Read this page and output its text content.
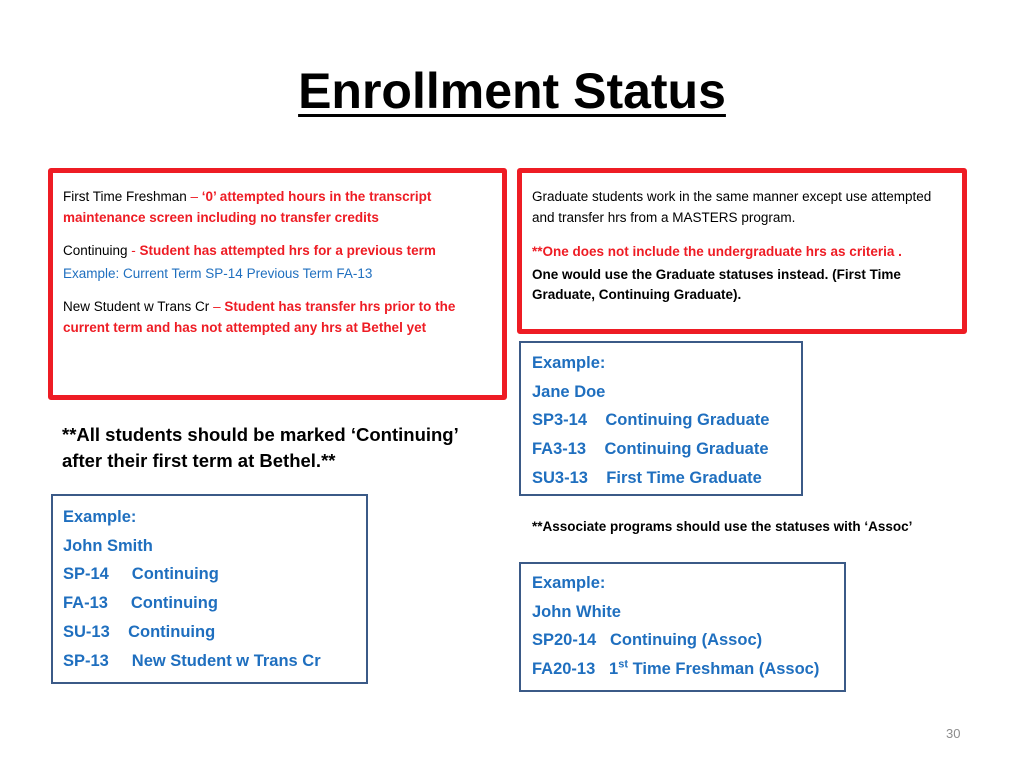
Enrollment Status
First Time Freshman – ‘0’ attempted hours in the transcript maintenance screen including no transfer credits
Continuing - Student has attempted hrs for a previous term
Example: Current Term SP-14 Previous Term FA-13
New Student w Trans Cr – Student has transfer hrs prior to the current term and has not attempted any hrs at Bethel yet
Graduate students work in the same manner except use attempted and transfer hrs from a MASTERS program.
**One does not include the undergraduate hrs as criteria .
One would use the Graduate statuses instead. (First Time Graduate, Continuing Graduate).
**All students should be marked ‘Continuing’ after their first term at Bethel.**
Example:
Jane Doe
SP3-14    Continuing Graduate
FA3-13    Continuing Graduate
SU3-13    First Time Graduate
**Associate programs should use the statuses with ‘Assoc’
Example:
John Smith
SP-14     Continuing
FA-13     Continuing
SU-13    Continuing
SP-13     New Student w Trans Cr
Example:
John White
SP20-14   Continuing (Assoc)
FA20-13   1st Time Freshman (Assoc)
30
